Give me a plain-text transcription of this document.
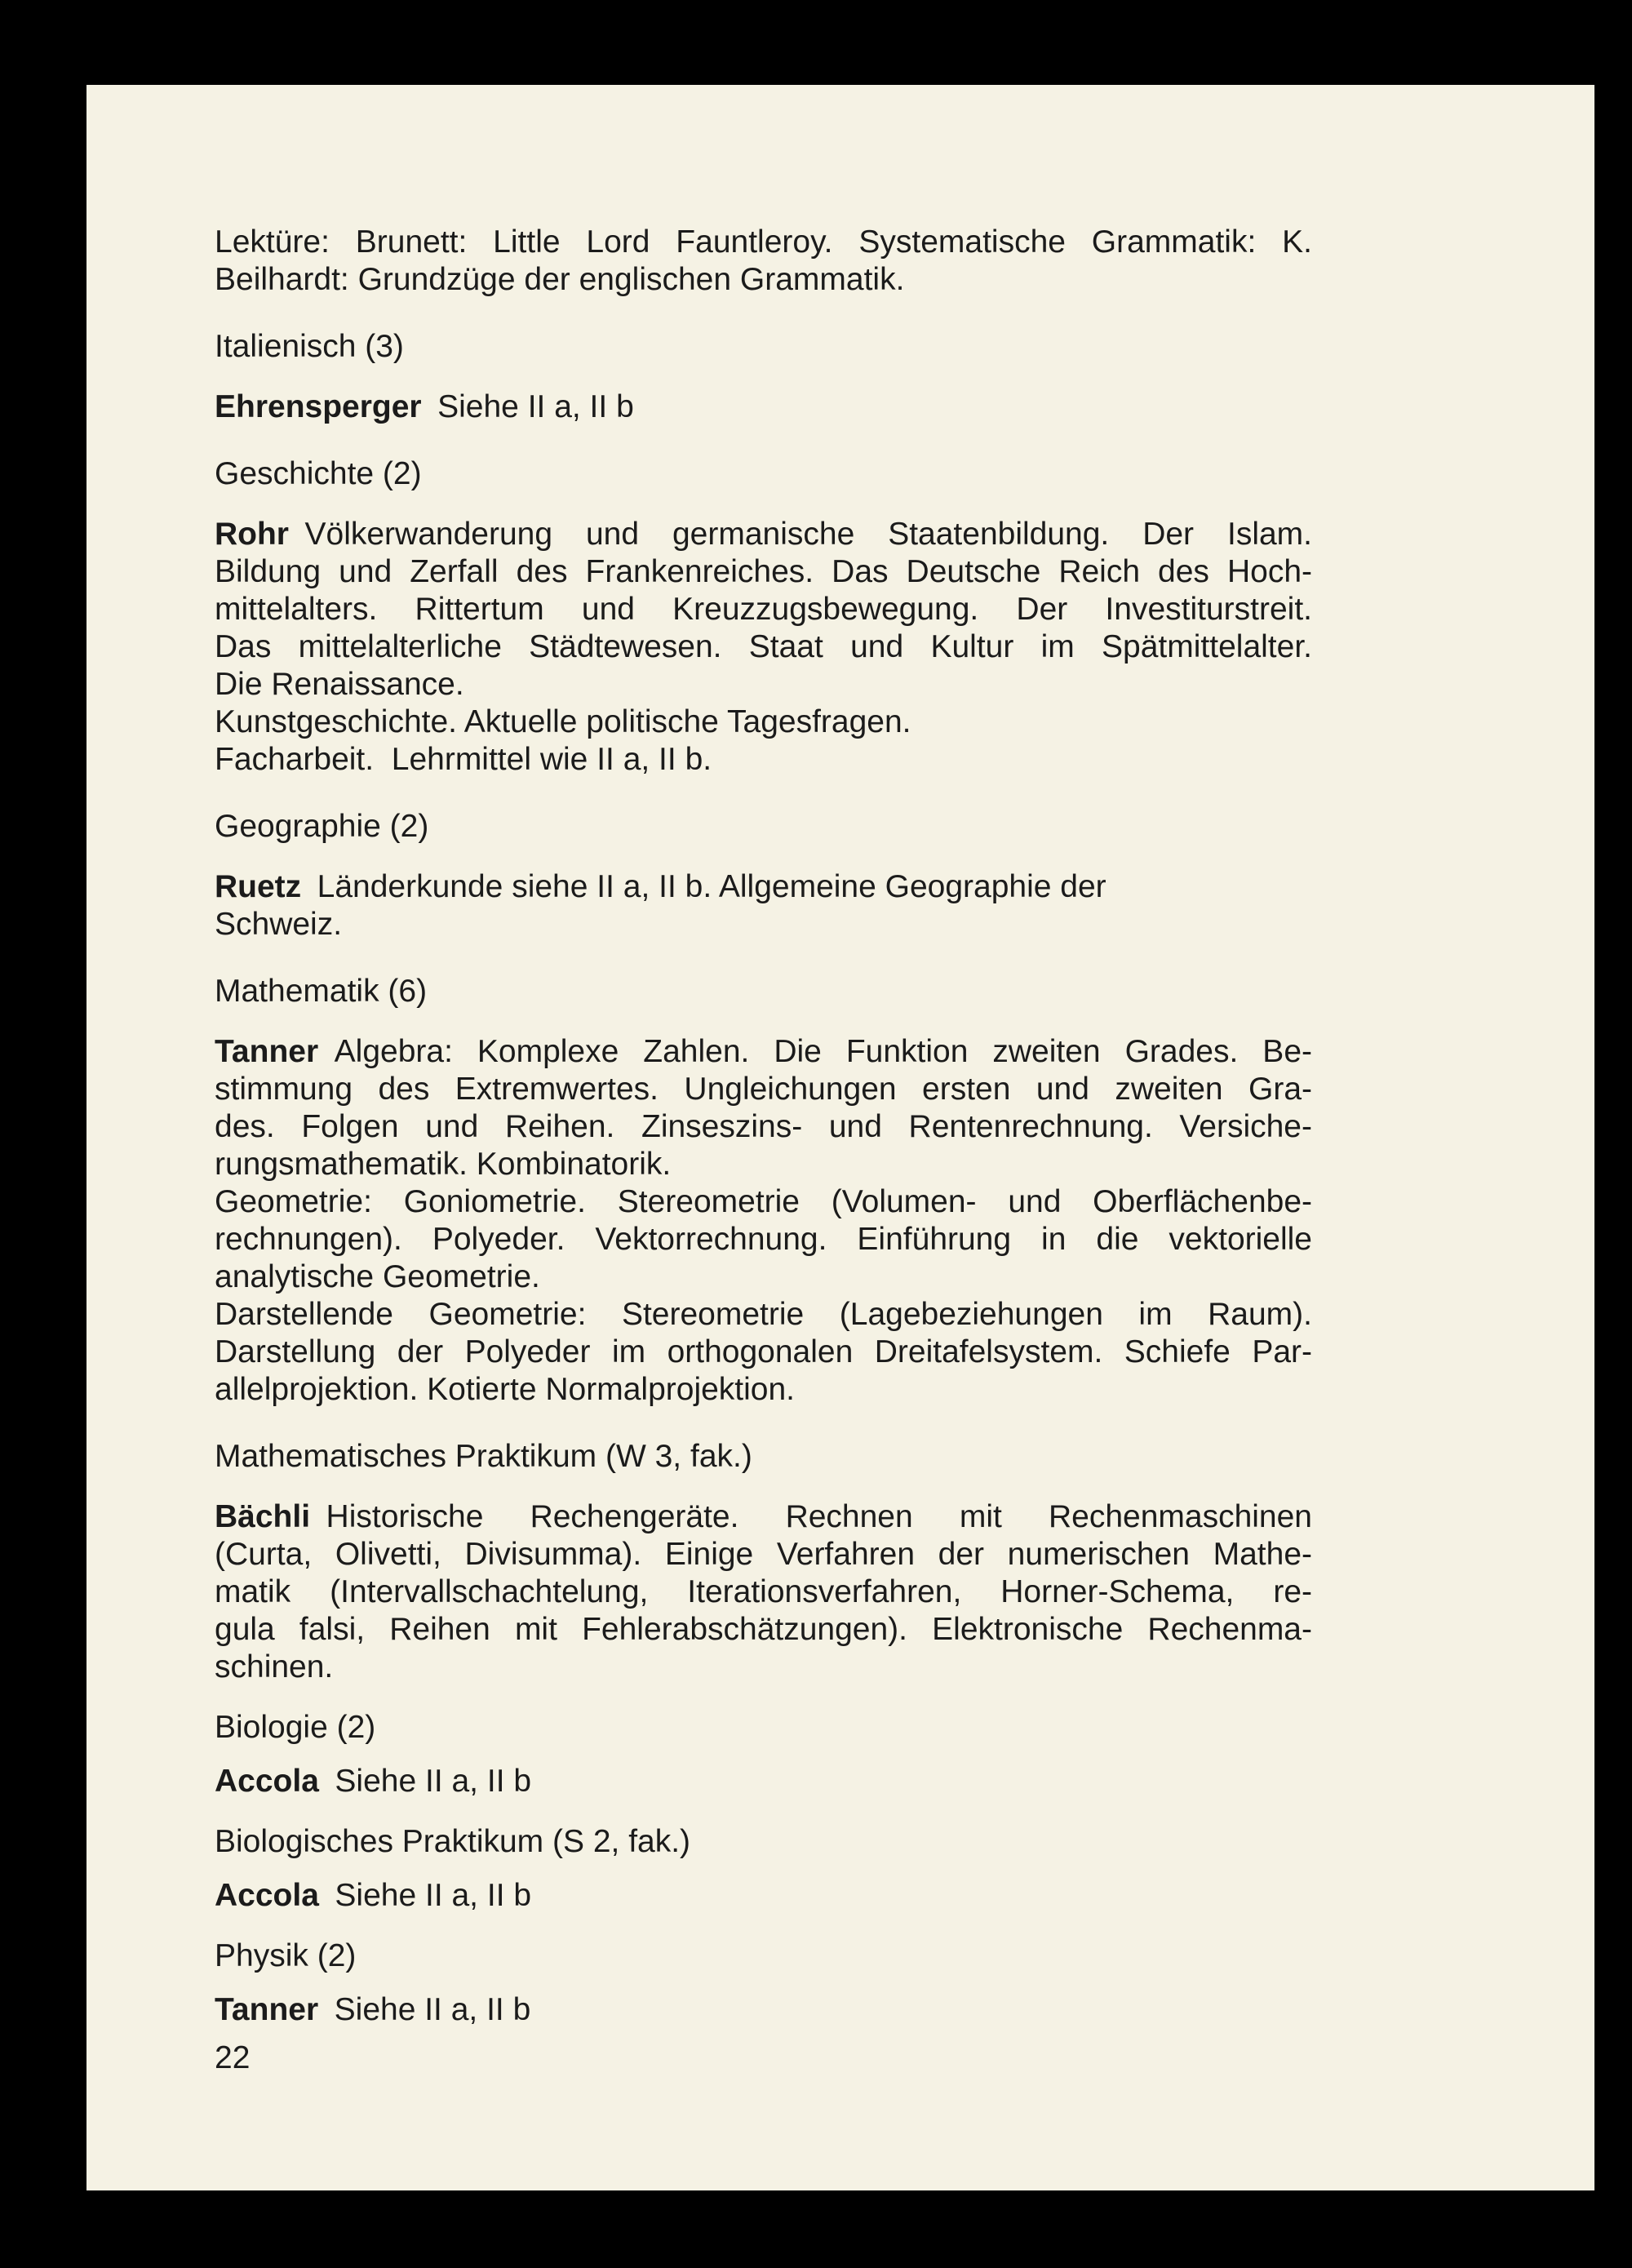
Lektüre: Brunett: Little Lord Fauntleroy. Systematische Grammatik: K.
Beilhardt: Grundzüge der englischen Grammatik.

Italienisch (3)

Ehrensperger Siehe II a, II b

Geschichte (2)

Rohr Völkerwanderung und germanische Staatenbildung. Der Islam.
Bildung und Zerfall des Frankenreiches. Das Deutsche Reich des Hoch-
mittelalters. Rittertum und Kreuzzugsbewegung. Der Investiturstreit.
Das mittelalterliche Städtewesen. Staat und Kultur im Spätmittelalter.
Die Renaissance.
Kunstgeschichte. Aktuelle politische Tagesfragen.
Facharbeit.  Lehrmittel wie II a, II b.

Geographie (2)

Ruetz Länderkunde siehe II a, II b. Allgemeine Geographie der
Schweiz.

Mathematik (6)

Tanner Algebra: Komplexe Zahlen. Die Funktion zweiten Grades. Be-
stimmung des Extremwertes. Ungleichungen ersten und zweiten Gra-
des. Folgen und Reihen. Zinseszins- und Rentenrechnung. Versiche-
rungsmathematik. Kombinatorik.
Geometrie: Goniometrie. Stereometrie (Volumen- und Oberflächenbe-
rechnungen). Polyeder. Vektorrechnung. Einführung in die vektorielle
analytische Geometrie.
Darstellende Geometrie: Stereometrie (Lagebeziehungen im Raum).
Darstellung der Polyeder im orthogonalen Dreitafelsystem. Schiefe Par-
allelprojektion. Kotierte Normalprojektion.

Mathematisches Praktikum (W 3, fak.)

Bächli Historische Rechengeräte. Rechnen mit Rechenmaschinen
(Curta, Olivetti, Divisumma). Einige Verfahren der numerischen Mathe-
matik (Intervallschachtelung, Iterationsverfahren, Horner-Schema, re-
gula falsi, Reihen mit Fehlerabschätzungen). Elektronische Rechenma-
schinen.

Biologie (2)

Accola Siehe II a, II b

Biologisches Praktikum (S 2, fak.)

Accola Siehe II a, II b

Physik (2)

Tanner Siehe II a, II b

22
